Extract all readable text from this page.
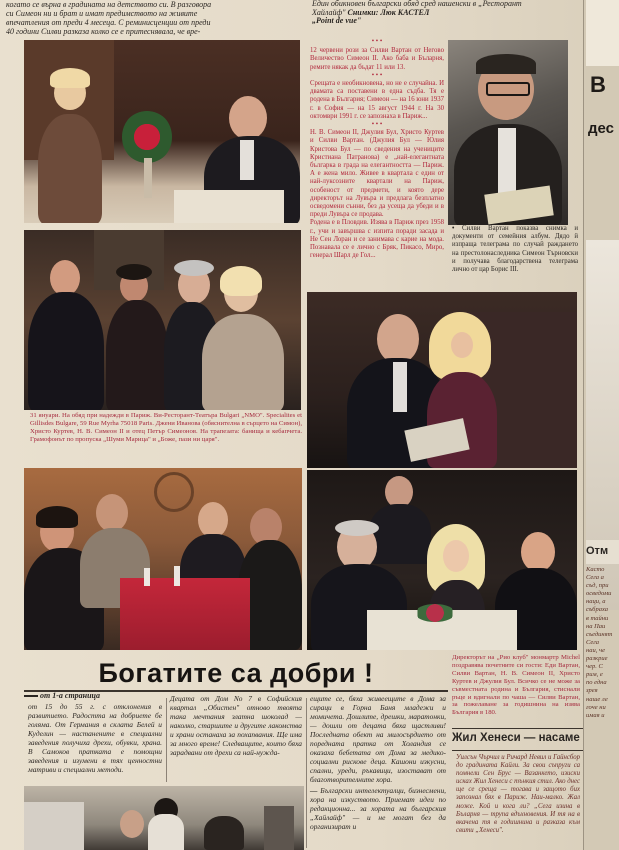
когато се върна в градината на детството си. В разговора
си Симеон ни и брат и имат предимството на живите
впечатления от преди 4 месеца. С реминисценции от преди
40 години Силви разказа колко се е притеснявала, че вре-
Един обикновен български обяд сред нашенски в „Ресторант
Хайлайф" Снимки: Люк КАСТЕЛ
„Point de vue"
• • •
12 червени рози за Силви Вартан от Негово Величество Симеон II. Ако баба и Бъларня, ремите някак да бъдат 11 или 13.
• • •
Срещата е необикновена, но не е случайна. И двамата са поставени в една съдба. Тя е родена в България; Симеон — на 16 юни 1937 г. в София — на 15 август 1944 г. На 30 октомври 1991 г. се запознаха в Париж...
• • •
Н. В. Симеон II, Джулия Бул, Христо Куртев и Силви Вартан. (Джулия Бул — Юлия Кристова Бул — по сведения на учениците Кристиана Патранова) е „най-елегантната българка в града на елегантността — Париж. А е жена мило. Живее в квартала с един от най-луксозните квартали на Париж, особеност от предмети, и която дере директорът на Лувъра и предлага безплатно осведомени сънни, без да усеща да убеди и в преди Лувъра се продава.
Родена е в Пловдив. Изява в Париж през 1958 г., учи и завършва с изпита поради засада и Не Сен Лоран и се занимава с карие на мода. Познавала се е лично с Бряк, Пикасо, Миро, генерал Шарл де Гол...
• Силви Вартан показва снимка и документи от семейния албум. Дядо й изпраща телеграма по случай раждането на престолонаследника Симеон Търновски и получава благодарствена телеграма лично от цар Борис III.
B
дес
Отм
Касто
Сега а
съд, при
осведоми
наци, а
събраха
в тайни
на Паи
съединят
Сега
наи, че
разкрие
чер. С
рим, е
по една
зрея
наше ле
гоче ни
имая и
31 януари. На обяд при надежди в Париж. Ви-Ресторант-Театъра Bulgari „NMO". Specialites et Gillisdes Bulgare, 59 Rue Myrha 75018 Paris. Джени Иванова (обяснителна в сърцето на Симон), Христо Куртев, Н. В. Симеон II и отец Петър Симеонов. На трапезата: банища и кебапчета. Грамофонът по пропуска „Шуми Марица" и „Боже, пази ни царя".
Директорът на „Рио клуб" монмартр Michel поздравява почетните си гости: Еди Вартан, Силви Вартан, Н. В. Симеон II, Христо Куртев и Джулия Бул. Всичко се не може за съвместната родина и България, стиснали ръце и вдигнали по чаша — Силви Вартан, за пожелаване за годишнина на изява България в 180.
Богатите са добри !
от 1-а страница
от 15 до 55 г. с отклонения в развитието. Радостта на добриете бе голяма. От Германия в склата Белей и Куделин — настанените в специални заведения получиха дрехи, обувки, храна. В Самоков пратката е помощни заведения и изумени в тях ценностни матриви и специални методи.
Децата от Дом No 7 в Софийския квартал „Обистен" отново твоята така мечтания златна шоколад — наколко, старшите и другите лакомства и храни останаха за похапвания. Ще има за много време! Следващите, които бяха зарадвани от дрехи са най-нужда-
ещите се, бяха живеещите в Дома за сираци в Горна Баня младежи и момичета. Дошлите, дрешки, маратонки, — дошли от децата бяха щастливи! Последната обект на милосърдието от поредната пратка от Холандия се оказаха бебетата от Дома за медико-социални рискове деца. Кашони изкусни, спални, уреди, ръкавици, изостават от благотворителните хора.
— Български интелектуалци, бизнесмени, хора на изкуството. Приемат идеи по редакционна... за хората на българския „Хайлайф" — и не могат без да организират и
Жил Хенеси — насаме
Уилсън Чърчил и Ричард Невил и Гайнсбор до градината Кайли. За свои съпруги са помнели Сен Брус — Вазанкето, изиски исках Жил Хенеси с тънкия стил. Ако днес ще се среща — тогава и защото бих запознал бях в Париж. Наи-малко. Жал може. Кой и кога ли? „Сега изина в Бъларня — трупа вдъхновения. И тя на в вкачена тя в годишнина и разказа към свити „Хенеси".
